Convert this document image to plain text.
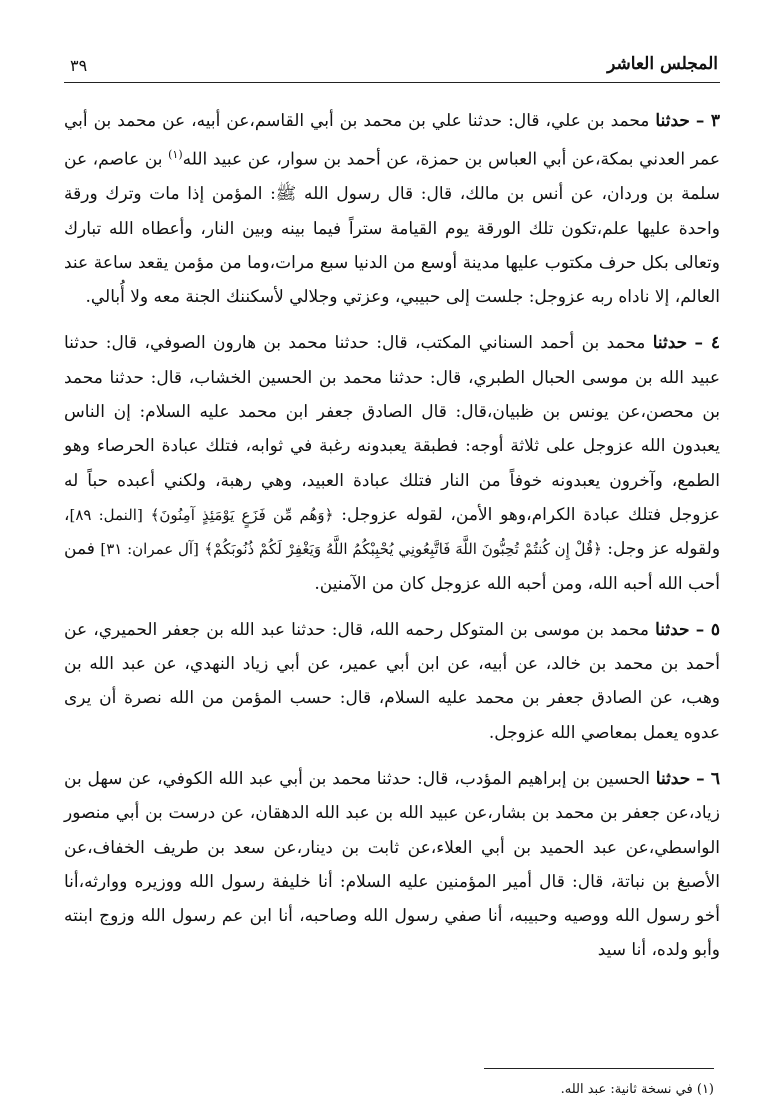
المجلس العاشر
٣٩

٣ – حدثنا محمد بن علي، قال: حدثنا علي بن محمد بن أبي القاسم،عن أبيه، عن محمد بن أبي عمر العدني بمكة،عن أبي العباس بن حمزة، عن أحمد بن سوار، عن عبيد الله$^{(١)}$ بن عاصم، عن سلمة بن وردان، عن أنس بن مالك، قال: قال رسول الله ﷺ: المؤمن إذا مات وترك ورقة واحدة عليها علم،تكون تلك الورقة يوم القيامة ستراً فيما بينه وبين النار، وأعطاه الله تبارك وتعالى بكل حرف مكتوب عليها مدينة أوسع من الدنيا سبع مرات،وما من مؤمن يقعد ساعة عند العالم، إلا ناداه ربه عزوجل: جلست إلى حبيبي، وعزتي وجلالي لأسكننك الجنة معه ولا أُبالي.

٤ – حدثنا محمد بن أحمد السناني المكتب، قال: حدثنا محمد بن هارون الصوفي، قال: حدثنا عبيد الله بن موسى الحبال الطبري، قال: حدثنا محمد بن الحسين الخشاب، قال: حدثنا محمد بن محصن،عن يونس بن ظبيان،قال: قال الصادق جعفر ابن محمد عليه السلام: إن الناس يعبدون الله عزوجل على ثلاثة أوجه: فطبقة يعبدونه رغبة في ثوابه، فتلك عبادة الحرصاء وهو الطمع، وآخرون يعبدونه خوفاً من النار فتلك عبادة العبيد، وهي رهبة، ولكني أعبده حباً له عزوجل فتلك عبادة الكرام،وهو الأمن، لقوله عزوجل: ﴿وَهُم مِّن فَزَعٍ يَوْمَئِذٍ آمِنُونَ﴾ [النمل: ٨٩]، ولقوله عز وجل: ﴿قُلْ إِن كُنتُمْ تُحِبُّونَ اللَّهَ فَاتَّبِعُونِي يُحْبِبْكُمُ اللَّهُ وَيَغْفِرْ لَكُمْ ذُنُوبَكُمْ﴾ [آل عمران: ٣١] فمن أحب الله أحبه الله، ومن أحبه الله عزوجل كان من الآمنين.

٥ – حدثنا محمد بن موسى بن المتوكل رحمه الله، قال: حدثنا عبد الله بن جعفر الحميري، عن أحمد بن محمد بن خالد، عن أبيه، عن ابن أبي عمير، عن أبي زياد النهدي، عن عبد الله بن وهب، عن الصادق جعفر بن محمد عليه السلام، قال: حسب المؤمن من الله نصرة أن يرى عدوه يعمل بمعاصي الله عزوجل.

٦ – حدثنا الحسين بن إبراهيم المؤدب، قال: حدثنا محمد بن أبي عبد الله الكوفي، عن سهل بن زياد،عن جعفر بن محمد بن بشار،عن عبيد الله بن عبد الله الدهقان، عن درست بن أبي منصور الواسطي،عن عبد الحميد بن أبي العلاء،عن ثابت بن دينار،عن سعد بن طريف الخفاف،عن الأصبغ بن نباتة، قال: قال أمير المؤمنين عليه السلام: أنا خليفة رسول الله ووزيره ووارثه،أنا أخو رسول الله ووصيه وحبيبه، أنا صفي رسول الله وصاحبه، أنا ابن عم رسول الله وزوج ابنته وأبو ولده، أنا سيد

(١) في نسخة ثانية: عبد الله.
